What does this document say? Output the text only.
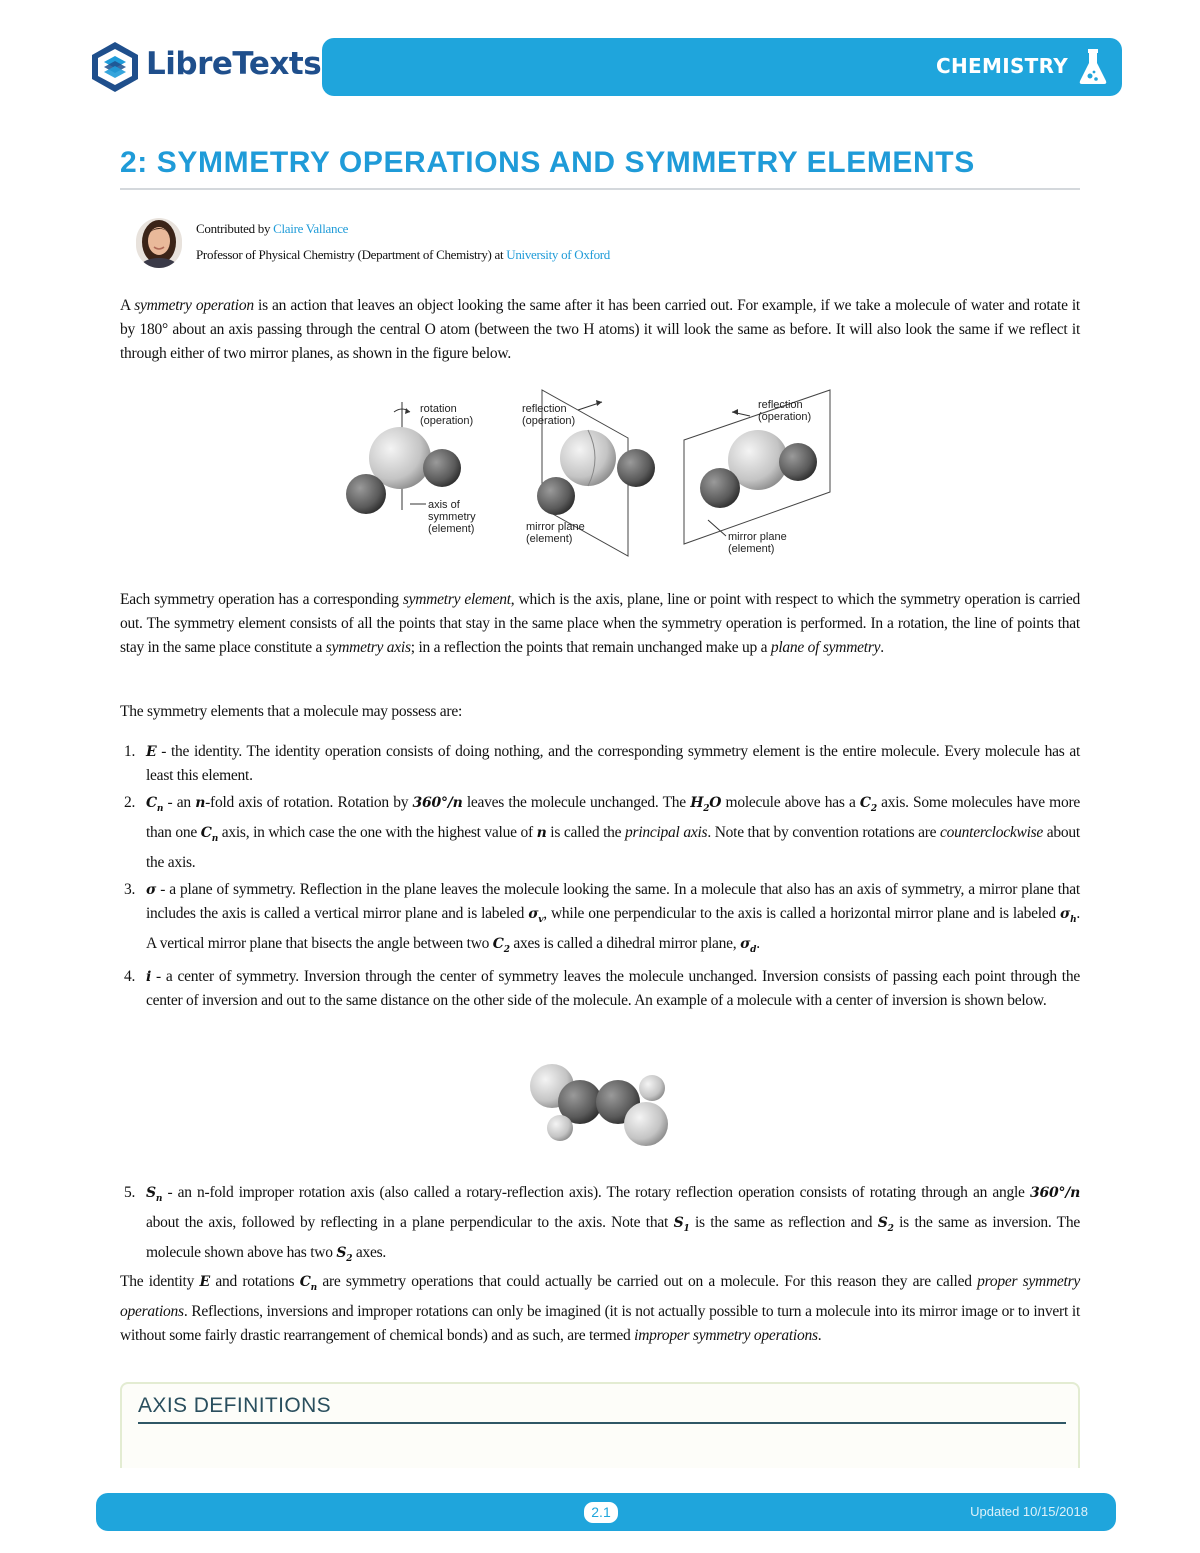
LibreTexts	CHEMISTRY
2: SYMMETRY OPERATIONS AND SYMMETRY ELEMENTS
Contributed by Claire Vallance
Professor of Physical Chemistry (Department of Chemistry) at University of Oxford

A symmetry operation is an action that leaves an object looking the same after it has been carried out. For example, if we take a molecule of water and rotate it by 180° about an axis passing through the central O atom (between the two H atoms) it will look the same as before. It will also look the same if we reflect it through either of two mirror planes, as shown in the figure below.

rotation
(operation)
axis of
symmetry
(element)
reflection
(operation)
mirror plane
(element)
reflection
(operation)
mirror plane
(element)

Each symmetry operation has a corresponding symmetry element, which is the axis, plane, line or point with respect to which the symmetry operation is carried out. The symmetry element consists of all the points that stay in the same place when the symmetry operation is performed. In a rotation, the line of points that stay in the same place constitute a symmetry axis; in a reflection the points that remain unchanged make up a plane of symmetry.

The symmetry elements that a molecule may possess are:

1. E - the identity. The identity operation consists of doing nothing, and the corresponding symmetry element is the entire molecule. Every molecule has at least this element.
2. $C_n$ - an n-fold axis of rotation. Rotation by 360°/n leaves the molecule unchanged. The $H_2O$ molecule above has a $C_2$ axis. Some molecules have more than one $C_n$ axis, in which case the one with the highest value of n is called the principal axis. Note that by convention rotations are counterclockwise about the axis.
3. σ - a plane of symmetry. Reflection in the plane leaves the molecule looking the same. In a molecule that also has an axis of symmetry, a mirror plane that includes the axis is called a vertical mirror plane and is labeled $\sigma_v$, while one perpendicular to the axis is called a horizontal mirror plane and is labeled $\sigma_h$. A vertical mirror plane that bisects the angle between two $C_2$ axes is called a dihedral mirror plane, $\sigma_d$.
4. i - a center of symmetry. Inversion through the center of symmetry leaves the molecule unchanged. Inversion consists of passing each point through the center of inversion and out to the same distance on the other side of the molecule. An example of a molecule with a center of inversion is shown below.
5. $S_n$ - an n-fold improper rotation axis (also called a rotary-reflection axis). The rotary reflection operation consists of rotating through an angle 360°/n about the axis, followed by reflecting in a plane perpendicular to the axis. Note that $S_1$ is the same as reflection and $S_2$ is the same as inversion. The molecule shown above has two $S_2$ axes.

The identity E and rotations $C_n$ are symmetry operations that could actually be carried out on a molecule. For this reason they are called proper symmetry operations. Reflections, inversions and improper rotations can only be imagined (it is not actually possible to turn a molecule into its mirror image or to invert it without some fairly drastic rearrangement of chemical bonds) and as such, are termed improper symmetry operations.

AXIS DEFINITIONS
2.1	Updated 10/15/2018
